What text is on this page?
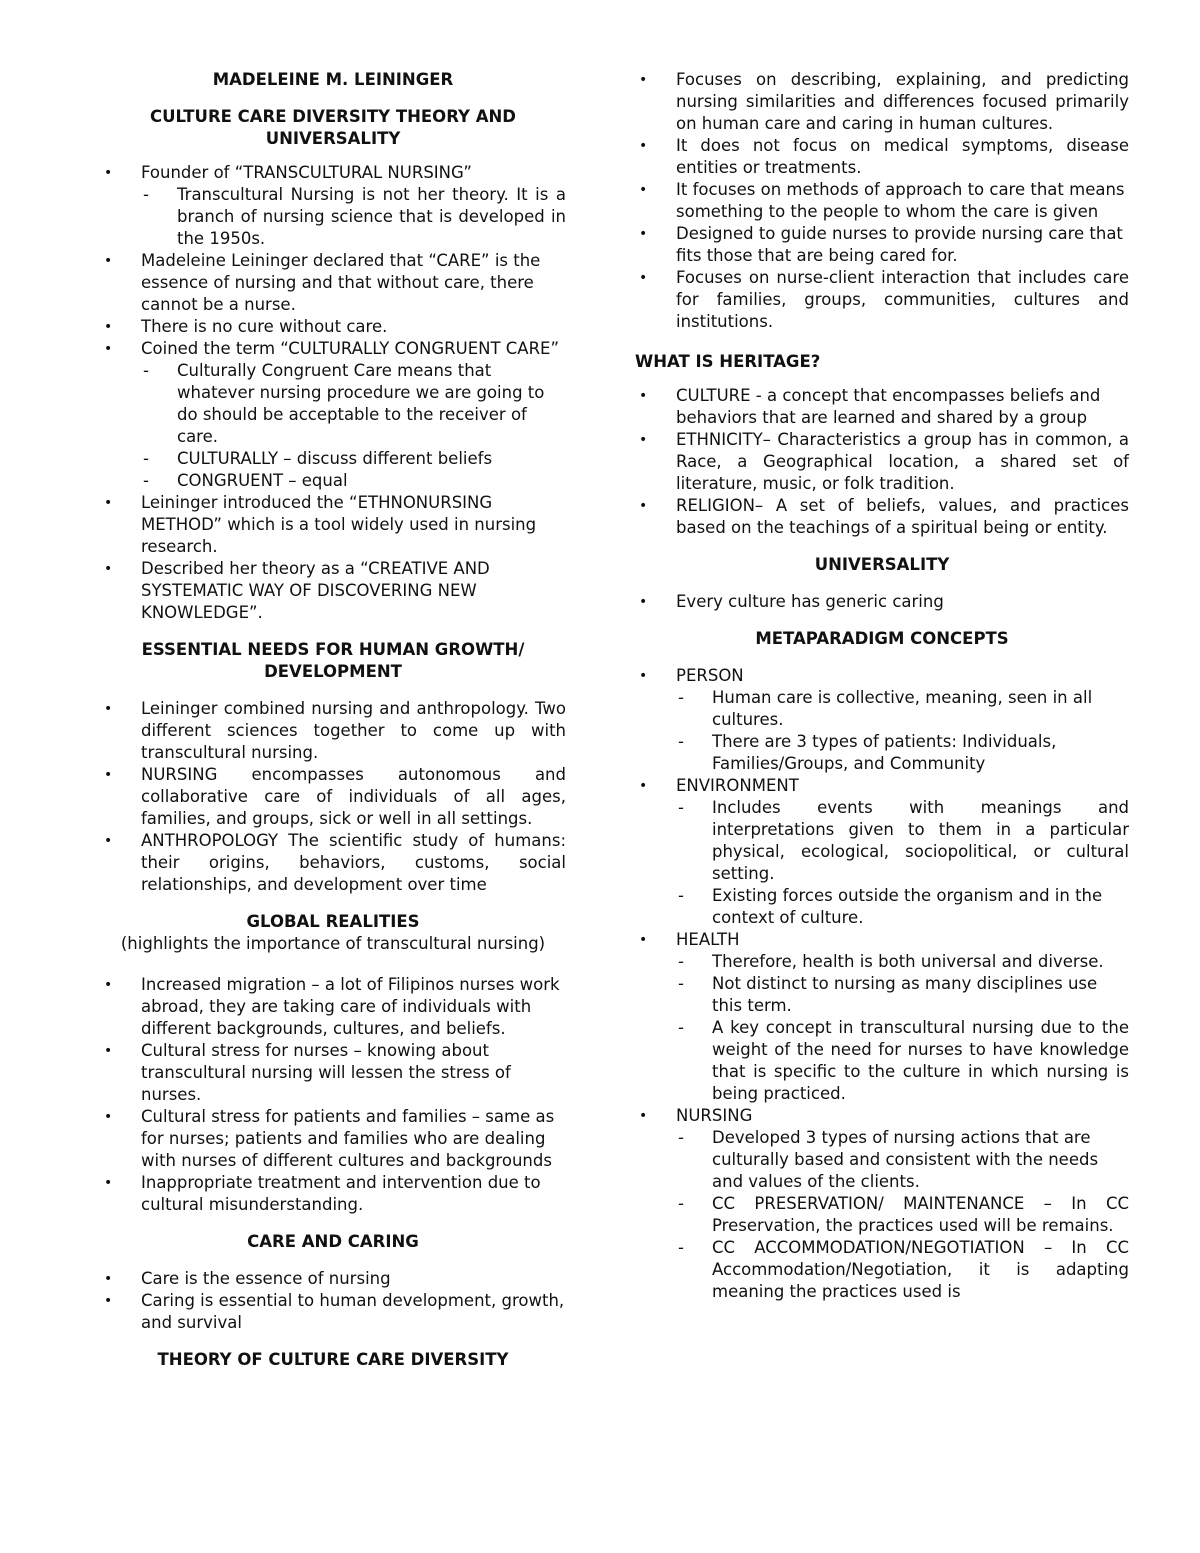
MADELEINE M. LEININGER

CULTURE CARE DIVERSITY THEORY AND UNIVERSALITY

• Founder of “TRANSCULTURAL NURSING”
- Transcultural Nursing is not her theory. It is a branch of nursing science that is developed in the 1950s.
• Madeleine Leininger declared that “CARE” is the essence of nursing and that without care, there cannot be a nurse.
• There is no cure without care.
• Coined the term “CULTURALLY CONGRUENT CARE”
- Culturally Congruent Care means that whatever nursing procedure we are going to do should be acceptable to the receiver of care.
- CULTURALLY – discuss different beliefs
- CONGRUENT – equal
• Leininger introduced the “ETHNONURSING METHOD” which is a tool widely used in nursing research.
• Described her theory as a “CREATIVE AND SYSTEMATIC WAY OF DISCOVERING NEW KNOWLEDGE”.

ESSENTIAL NEEDS FOR HUMAN GROWTH/ DEVELOPMENT

• Leininger combined nursing and anthropology. Two different sciences together to come up with transcultural nursing.
• NURSING encompasses autonomous and collaborative care of individuals of all ages, families, and groups, sick or well in all settings.
• ANTHROPOLOGY The scientific study of humans: their origins, behaviors, customs, social relationships, and development over time

GLOBAL REALITIES

(highlights the importance of transcultural nursing)

• Increased migration – a lot of Filipinos nurses work abroad, they are taking care of individuals with different backgrounds, cultures, and beliefs.
• Cultural stress for nurses – knowing about transcultural nursing will lessen the stress of nurses.
• Cultural stress for patients and families – same as for nurses; patients and families who are dealing with nurses of different cultures and backgrounds
• Inappropriate treatment and intervention due to cultural misunderstanding.

CARE AND CARING

• Care is the essence of nursing
• Caring is essential to human development, growth, and survival

THEORY OF CULTURE CARE DIVERSITY

• Focuses on describing, explaining, and predicting nursing similarities and differences focused primarily on human care and caring in human cultures.
• It does not focus on medical symptoms, disease entities or treatments.
• It focuses on methods of approach to care that means something to the people to whom the care is given
• Designed to guide nurses to provide nursing care that fits those that are being cared for.
• Focuses on nurse-client interaction that includes care for families, groups, communities, cultures and institutions.

WHAT IS HERITAGE?

• CULTURE - a concept that encompasses beliefs and behaviors that are learned and shared by a group
• ETHNICITY– Characteristics a group has in common, a Race, a Geographical location, a shared set of literature, music, or folk tradition.
• RELIGION– A set of beliefs, values, and practices based on the teachings of a spiritual being or entity.

UNIVERSALITY

• Every culture has generic caring

METAPARADIGM CONCEPTS

• PERSON
- Human care is collective, meaning, seen in all cultures.
- There are 3 types of patients: Individuals, Families/Groups, and Community
• ENVIRONMENT
- Includes events with meanings and interpretations given to them in a particular physical, ecological, sociopolitical, or cultural setting.
- Existing forces outside the organism and in the context of culture.
• HEALTH
- Therefore, health is both universal and diverse.
- Not distinct to nursing as many disciplines use this term.
- A key concept in transcultural nursing due to the weight of the need for nurses to have knowledge that is specific to the culture in which nursing is being practiced.
• NURSING
- Developed 3 types of nursing actions that are culturally based and consistent with the needs and values of the clients.
- CC PRESERVATION/ MAINTENANCE – In CC Preservation, the practices used will be remains.
- CC ACCOMMODATION/NEGOTIATION – In CC Accommodation/Negotiation, it is adapting meaning the practices used is
